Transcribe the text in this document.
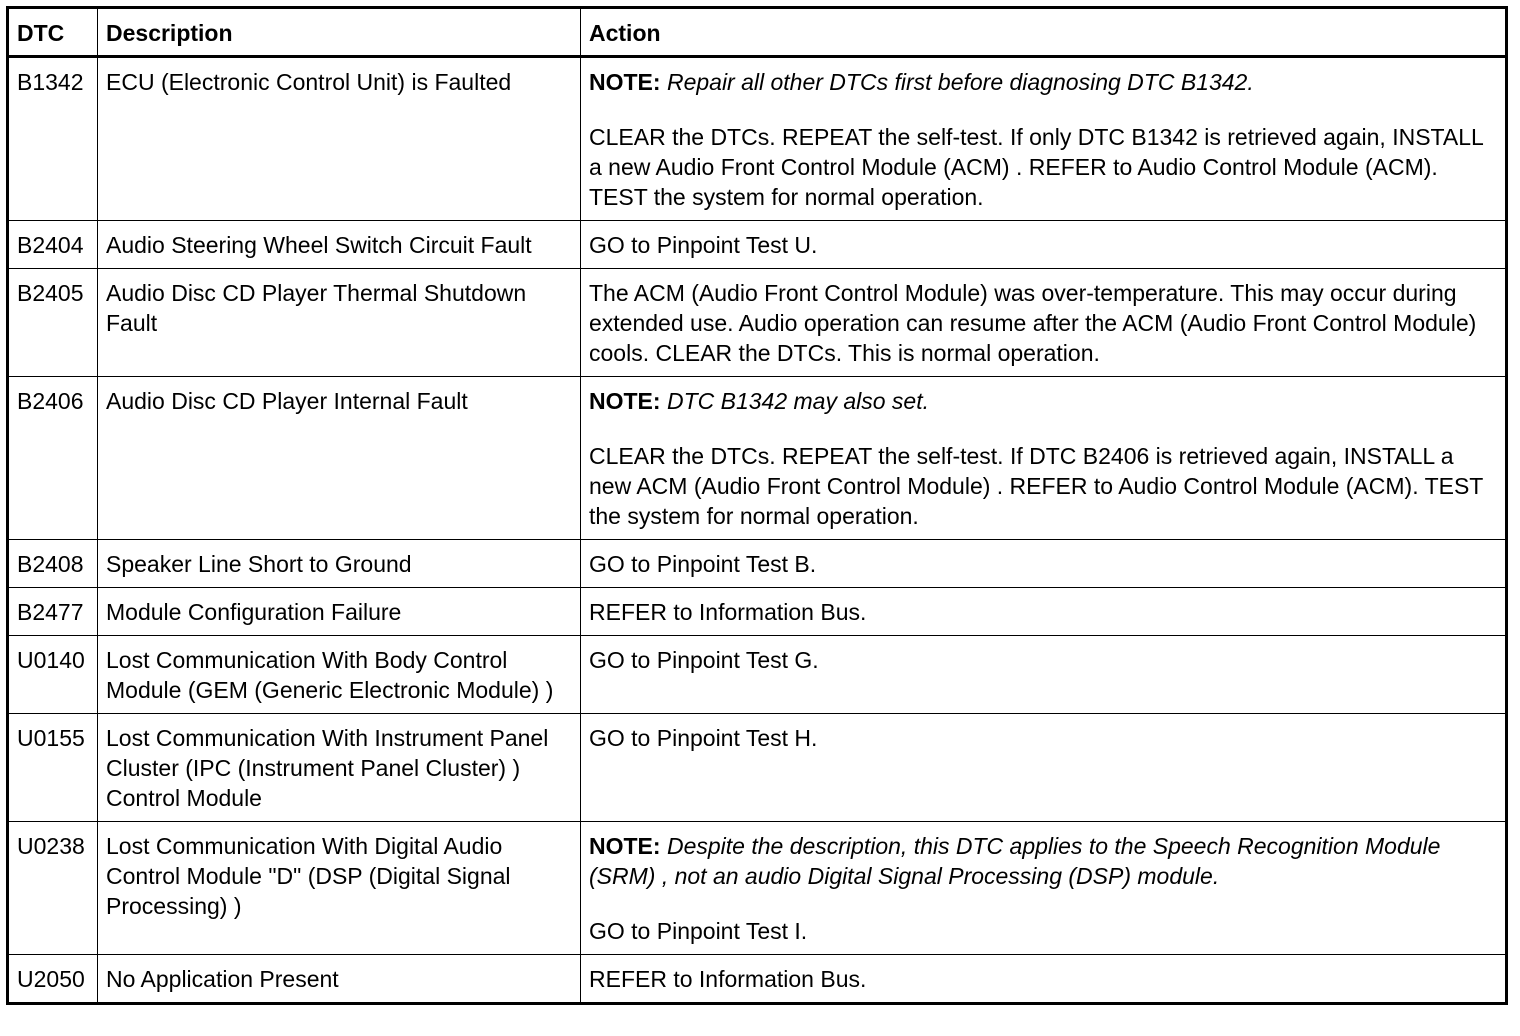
DTC	Description	Action
B1342	ECU (Electronic Control Unit) is Faulted	NOTE: Repair all other DTCs first before diagnosing DTC B1342.
CLEAR the DTCs. REPEAT the self-test. If only DTC B1342 is retrieved again, INSTALL a new Audio Front Control Module (ACM) . REFER to Audio Control Module (ACM). TEST the system for normal operation.

B2404	Audio Steering Wheel Switch Circuit Fault	GO to Pinpoint Test U.

B2405	Audio Disc CD Player Thermal Shutdown Fault	The ACM (Audio Front Control Module) was over-temperature. This may occur during extended use. Audio operation can resume after the ACM (Audio Front Control Module) cools. CLEAR the DTCs. This is normal operation.

B2406	Audio Disc CD Player Internal Fault	NOTE: DTC B1342 may also set.
CLEAR the DTCs. REPEAT the self-test. If DTC B2406 is retrieved again, INSTALL a new ACM (Audio Front Control Module) . REFER to Audio Control Module (ACM). TEST the system for normal operation.

B2408	Speaker Line Short to Ground	GO to Pinpoint Test B.

B2477	Module Configuration Failure	REFER to Information Bus.

U0140	Lost Communication With Body Control Module (GEM (Generic Electronic Module) )	GO to Pinpoint Test G.

U0155	Lost Communication With Instrument Panel Cluster (IPC (Instrument Panel Cluster) ) Control Module	GO to Pinpoint Test H.

U0238	Lost Communication With Digital Audio Control Module "D" (DSP (Digital Signal Processing) )	NOTE: Despite the description, this DTC applies to the Speech Recognition Module (SRM) , not an audio Digital Signal Processing (DSP) module.
GO to Pinpoint Test I.

U2050	No Application Present	REFER to Information Bus.
